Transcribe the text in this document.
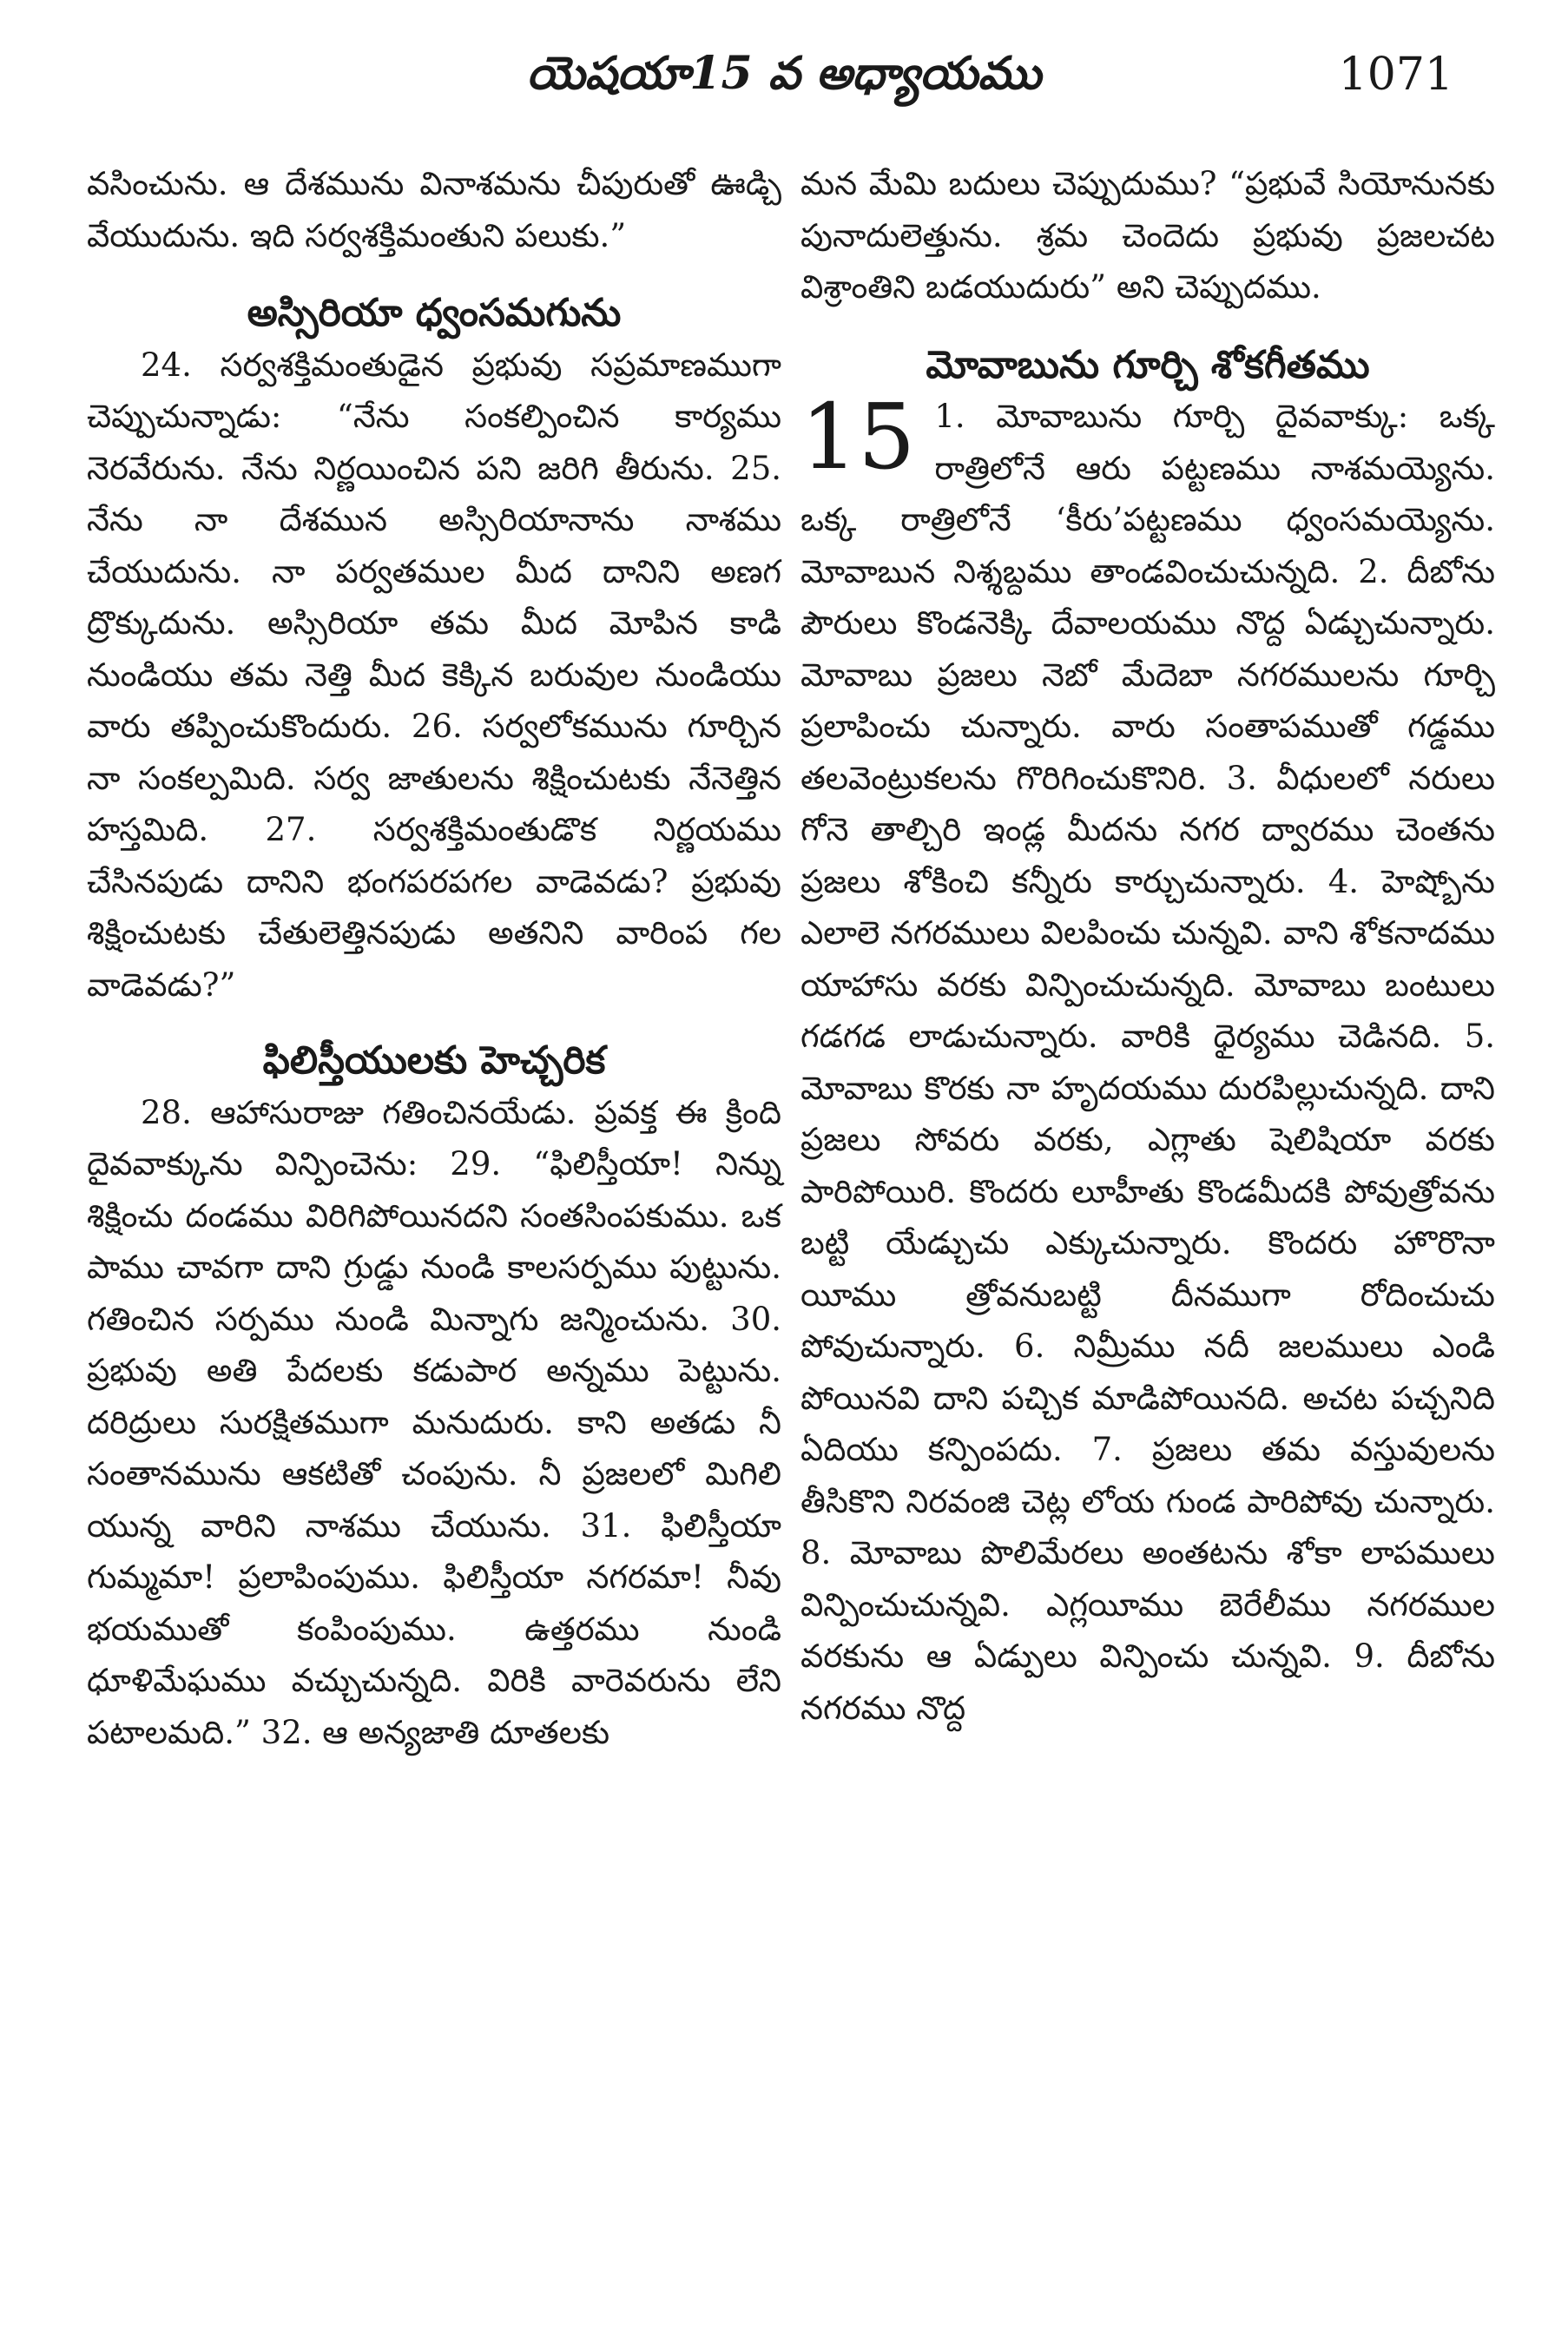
యెషయా15 వ అధ్యాయము	1071

వసించును. ఆ దేశమును వినాశమను చీపురుతో ఊడ్చి వేయుదును. ఇది సర్వశక్తిమంతుని పలుకు.”

అస్సిరియా ధ్వంసమగును

24. సర్వశక్తిమంతుడైన ప్రభువు సప్రమాణముగా చెప్పుచున్నాడు: “నేను సంకల్పించిన కార్యము నెరవేరును. నేను నిర్ణయించిన పని జరిగి తీరును. 25. నేను నా దేశమున అస్సిరియానాను నాశము చేయుదును. నా పర్వతముల మీద దానిని అణగ ద్రొక్కుదును. అస్సిరియా తమ మీద మోపిన కాడి నుండియు తమ నెత్తి మీద కెక్కిన బరువుల నుండియు వారు తప్పించుకొందురు. 26. సర్వలోకమును గూర్చిన నా సంకల్పమిది. సర్వ జాతులను శిక్షించుటకు నేనెత్తిన హస్తమిది. 27. సర్వశక్తిమంతుడొక నిర్ణయము చేసినపుడు దానిని భంగపరపగల వాడెవడు? ప్రభువు శిక్షించుటకు చేతులెత్తినపుడు అతనిని వారింప గల వాడెవడు?”

ఫిలిస్తీయులకు హెచ్చరిక

28. ఆహాసురాజు గతించినయేడు. ప్రవక్త ఈ క్రింది దైవవాక్కును విన్పించెను: 29. “ఫిలిస్తీయా! నిన్ను శిక్షించు దండము విరిగిపోయినదని సంతసింపకుము. ఒక పాము చావగా దాని గ్రుడ్డు నుండి కాలసర్పము పుట్టును. గతించిన సర్పము నుండి మిన్నాగు జన్మించును. 30. ప్రభువు అతి పేదలకు కడుపార అన్నము పెట్టును. దరిద్రులు సురక్షితముగా మనుదురు. కాని అతడు నీ సంతానమును ఆకటితో చంపును. నీ ప్రజలలో మిగిలి యున్న వారిని నాశము చేయును. 31. ఫిలిస్తీయా గుమ్మమా! ప్రలాపింపుము. ఫిలిస్తీయా నగరమా! నీవు భయముతో కంపింపుము. ఉత్తరము నుండి ధూళిమేఘము వచ్చుచున్నది. విరికి వారెవరును లేని పటాలమది.” 32. ఆ అన్యజాతి దూతలకు

మన మేమి బదులు చెప్పుదుము? “ప్రభువే సియోనునకు పునాదులెత్తును. శ్రమ చెందెదు ప్రభువు ప్రజలచట విశ్రాంతిని బడయుదురు” అని చెప్పుదము.

మోవాబును గూర్చి శోకగీతము
15 1. మోవాబును గూర్చి దైవవాక్కు: ఒక్క రాత్రిలోనే ఆరు పట్టణము నాశమయ్యెను. ఒక్క రాత్రిలోనే ‘కీరు’పట్టణము ధ్వంసమయ్యెను. మోవాబున నిశ్శబ్దము తాండవించుచున్నది. 2. దీబోను పౌరులు కొండనెక్కి దేవాలయము నొద్ద ఏడ్చుచున్నారు. మోవాబు ప్రజలు నెబో మేదెబా నగరములను గూర్చి ప్రలాపించు చున్నారు. వారు సంతాపముతో గడ్డము తలవెంట్రుకలను గొరిగించుకొనిరి. 3. వీధులలో నరులు గోనె తాల్చిరి ఇండ్ల మీదను నగర ద్వారము చెంతను ప్రజలు శోకించి కన్నీరు కార్చుచున్నారు. 4. హెష్బోను ఎలాలె నగరములు విలపించు చున్నవి. వాని శోకనాదము యాహాసు వరకు విన్పించుచున్నది. మోవాబు బంటులు గడగడ లాడుచున్నారు. వారికి ధైర్యము చెడినది. 5. మోవాబు కొరకు నా హృదయము దురపిల్లుచున్నది. దాని ప్రజలు సోవరు వరకు, ఎగ్లాతు షెలిషియా వరకు పారిపోయిరి. కొందరు లూహీతు కొండమీదకి పోవుత్రోవను బట్టి యేడ్చుచు ఎక్కుచున్నారు. కొందరు హొరొనా యీము త్రోవనుబట్టి దీనముగా రోదించుచు పోవుచున్నారు. 6. నిమ్రీము నదీ జలములు ఎండి పోయినవి దాని పచ్చిక మాడిపోయినది. అచట పచ్చనిది ఏదియు కన్పింపదు. 7. ప్రజలు తమ వస్తువులను తీసికొని నిరవంజి చెట్ల లోయ గుండ పారిపోవు చున్నారు. 8. మోవాబు పొలిమేరలు అంతటను శోకా లాపములు విన్పించుచున్నవి. ఎగ్లయీము బెరేలీము నగరముల వరకును ఆ ఏడ్పులు విన్పించు చున్నవి. 9. దీబోను నగరము నొద్ద
